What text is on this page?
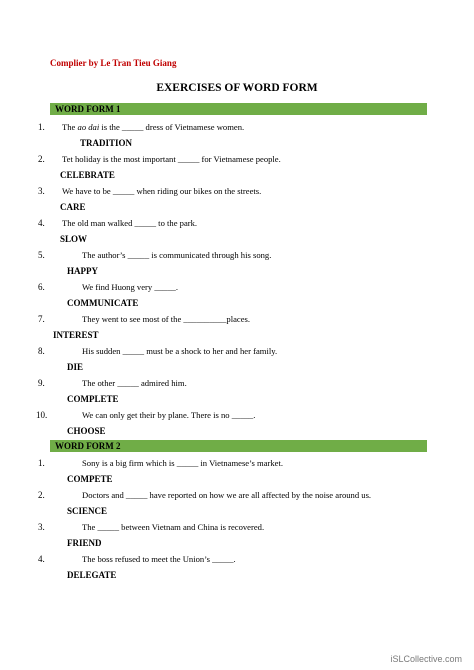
Complier by Le Tran Tieu Giang
EXERCISES OF WORD FORM
WORD FORM 1
1. The ao dai is the _____ dress of Vietnamese women.
TRADITION
2. Tet holiday is the most important _____ for Vietnamese people.
CELEBRATE
3. We have to be _____ when riding our bikes on the streets.
CARE
4. The old man walked _____ to the park.
SLOW
5.	The author’s _____ is communicated through his song.
HAPPY
6.	We find Huong very _____.
COMMUNICATE
7.	They went to see most of the __________places.
INTEREST
8.	His sudden _____ must be a shock to her and her family.
DIE
9.	The other _____ admired him.
COMPLETE
10.	We can only get their by plane. There is no _____.
CHOOSE
WORD FORM 2
1.	Sony is a big firm which is _____ in Vietnamese’s market.
COMPETE
2.	Doctors and _____ have reported on how we are all affected by the noise around us.
SCIENCE
3.	The _____ between Vietnam and China is recovered.
FRIEND
4.	The boss refused to meet the Union’s _____.
DELEGATE
iSLCollective.com
